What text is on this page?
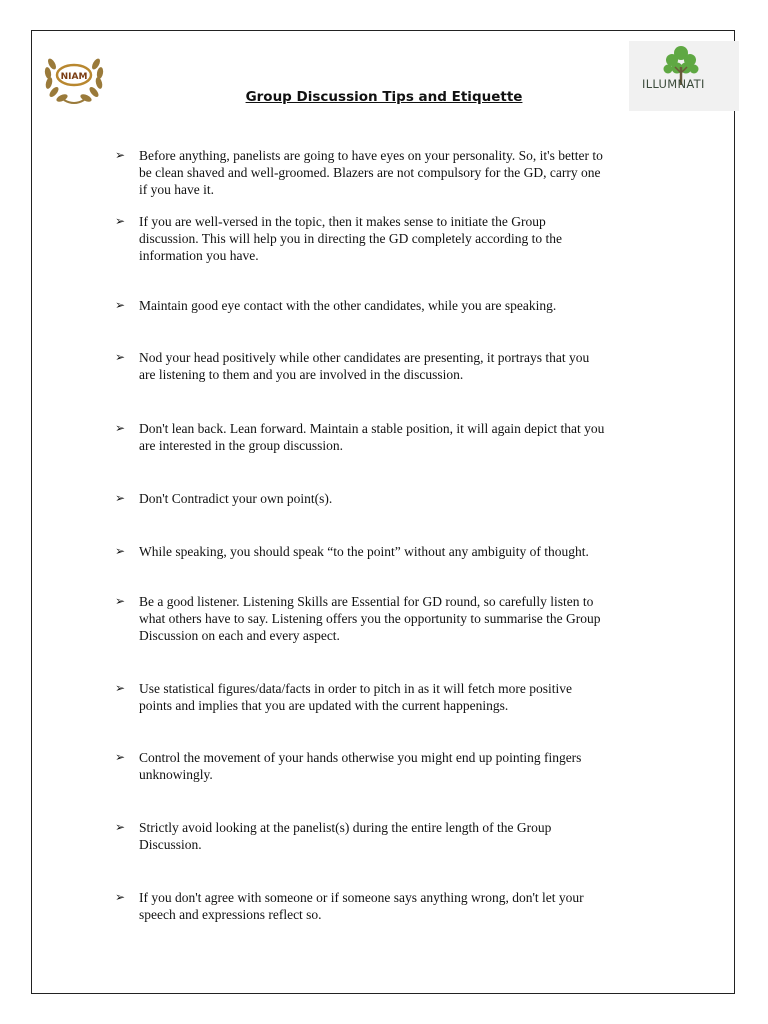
NIAM	ILLUMNATI
Group Discussion Tips and Etiquette
➢ Before anything, panelists are going to have eyes on your personality. So, it's better to
be clean shaved and well-groomed. Blazers are not compulsory for the GD, carry one
if you have it.
➢ If you are well-versed in the topic, then it makes sense to initiate the Group
discussion. This will help you in directing the GD completely according to the
information you have.
➢ Maintain good eye contact with the other candidates, while you are speaking.
➢ Nod your head positively while other candidates are presenting, it portrays that you
are listening to them and you are involved in the discussion.
➢ Don't lean back. Lean forward. Maintain a stable position, it will again depict that you
are interested in the group discussion.
➢ Don't Contradict your own point(s).
➢ While speaking, you should speak “to the point” without any ambiguity of thought.
➢ Be a good listener. Listening Skills are Essential for GD round, so carefully listen to
what others have to say. Listening offers you the opportunity to summarise the Group
Discussion on each and every aspect.
➢ Use statistical figures/data/facts in order to pitch in as it will fetch more positive
points and implies that you are updated with the current happenings.
➢ Control the movement of your hands otherwise you might end up pointing fingers
unknowingly.
➢ Strictly avoid looking at the panelist(s) during the entire length of the Group
Discussion.
➢ If you don't agree with someone or if someone says anything wrong, don't let your
speech and expressions reflect so.
